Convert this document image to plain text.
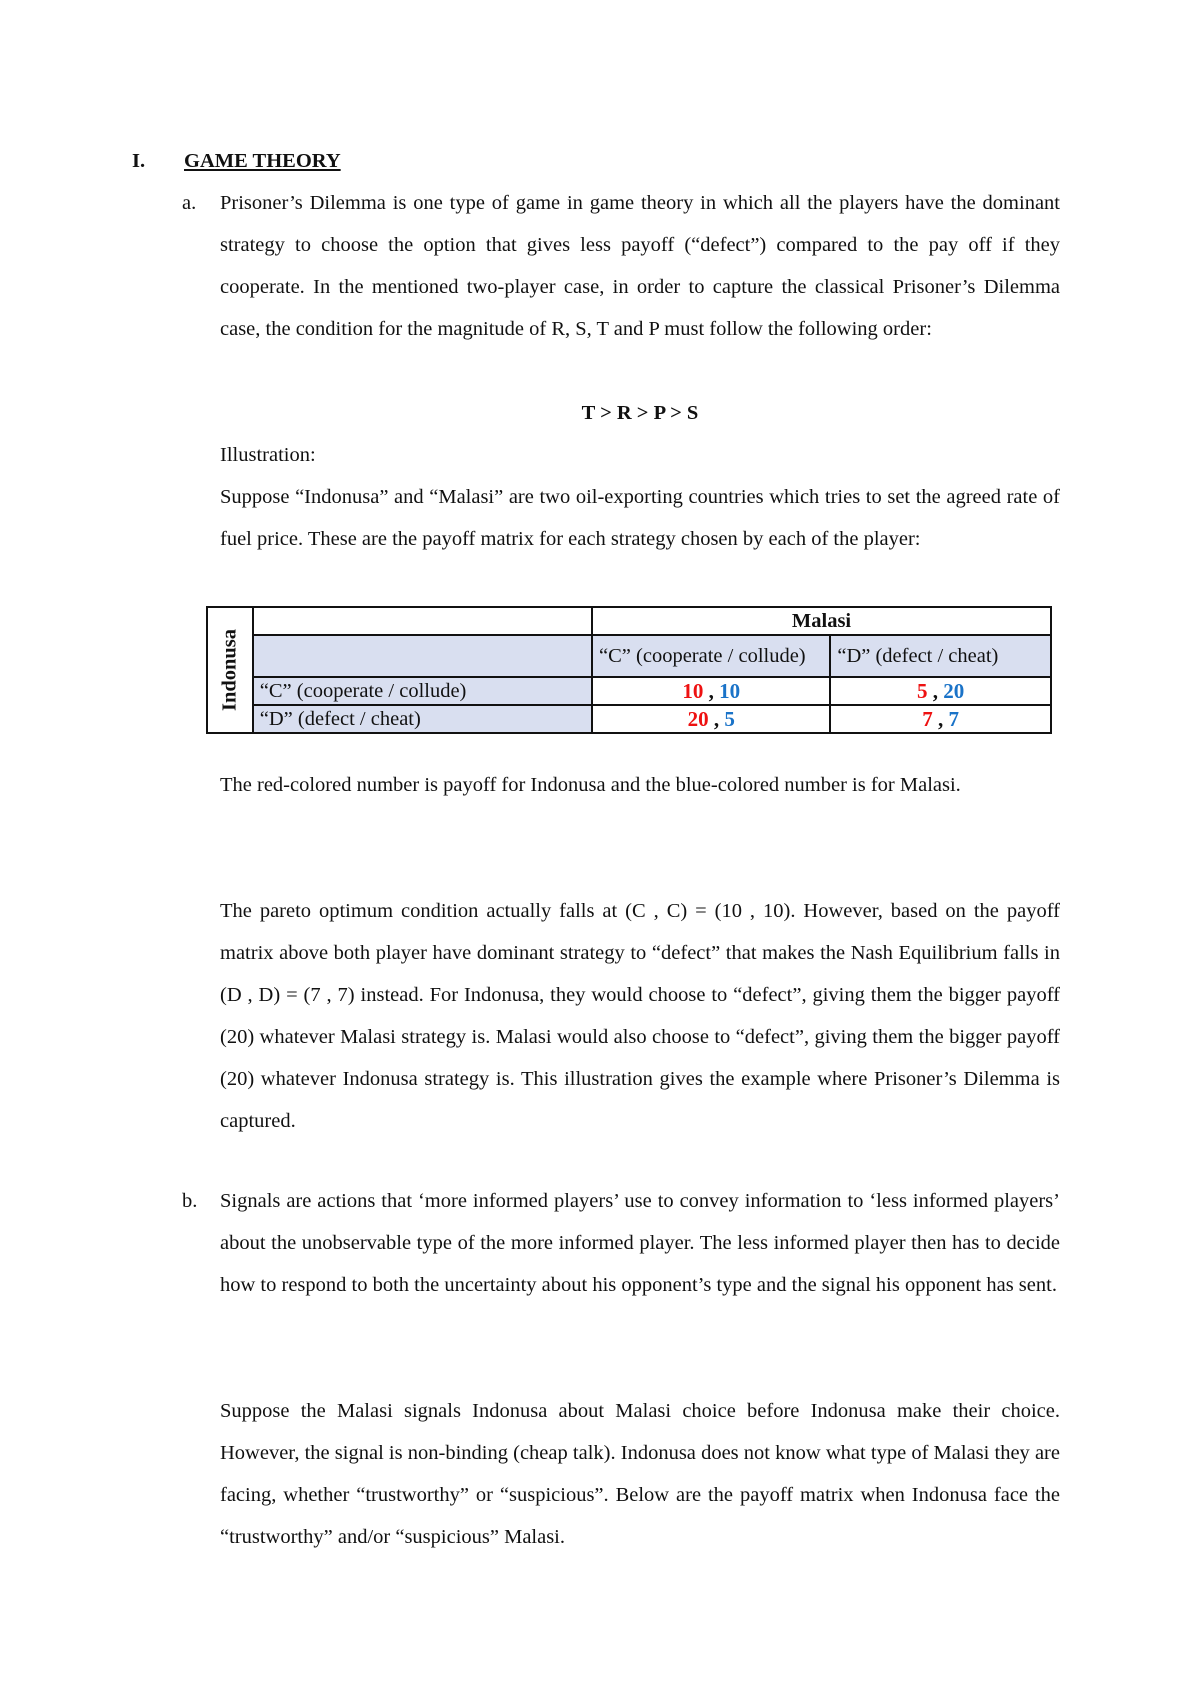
I. GAME THEORY
a. Prisoner’s Dilemma is one type of game in game theory in which all the players have the dominant strategy to choose the option that gives less payoff (“defect”) compared to the pay off if they cooperate. In the mentioned two-player case, in order to capture the classical Prisoner’s Dilemma case, the condition for the magnitude of R, S, T and P must follow the following order:

T > R > P > S
Illustration:
Suppose “Indonusa” and “Malasi” are two oil-exporting countries which tries to set the agreed rate of fuel price. These are the payoff matrix for each strategy chosen by each of the player:
Indonusa		Malasi	
		“C” (cooperate / collude)	“D” (defect / cheat)
	“C” (cooperate / collude)	10 , 10	5 , 20
	“D” (defect / cheat)	20 , 5	7 , 7
The red-colored number is payoff for Indonusa and the blue-colored number is for Malasi.
The pareto optimum condition actually falls at (C , C) = (10 , 10). However, based on the payoff matrix above both player have dominant strategy to “defect” that makes the Nash Equilibrium falls in (D , D) = (7 , 7) instead. For Indonusa, they would choose to “defect”, giving them the bigger payoff (20) whatever Malasi strategy is. Malasi would also choose to “defect”, giving them the bigger payoff (20) whatever Indonusa strategy is. This illustration gives the example where Prisoner’s Dilemma is captured.
b. Signals are actions that ‘more informed players’ use to convey information to ‘less informed players’ about the unobservable type of the more informed player. The less informed player then has to decide how to respond to both the uncertainty about his opponent’s type and the signal his opponent has sent.

Suppose the Malasi signals Indonusa about Malasi choice before Indonusa make their choice. However, the signal is non-binding (cheap talk). Indonusa does not know what type of Malasi they are facing, whether “trustworthy” or “suspicious”. Below are the payoff matrix when Indonusa face the “trustworthy” and/or “suspicious” Malasi.
